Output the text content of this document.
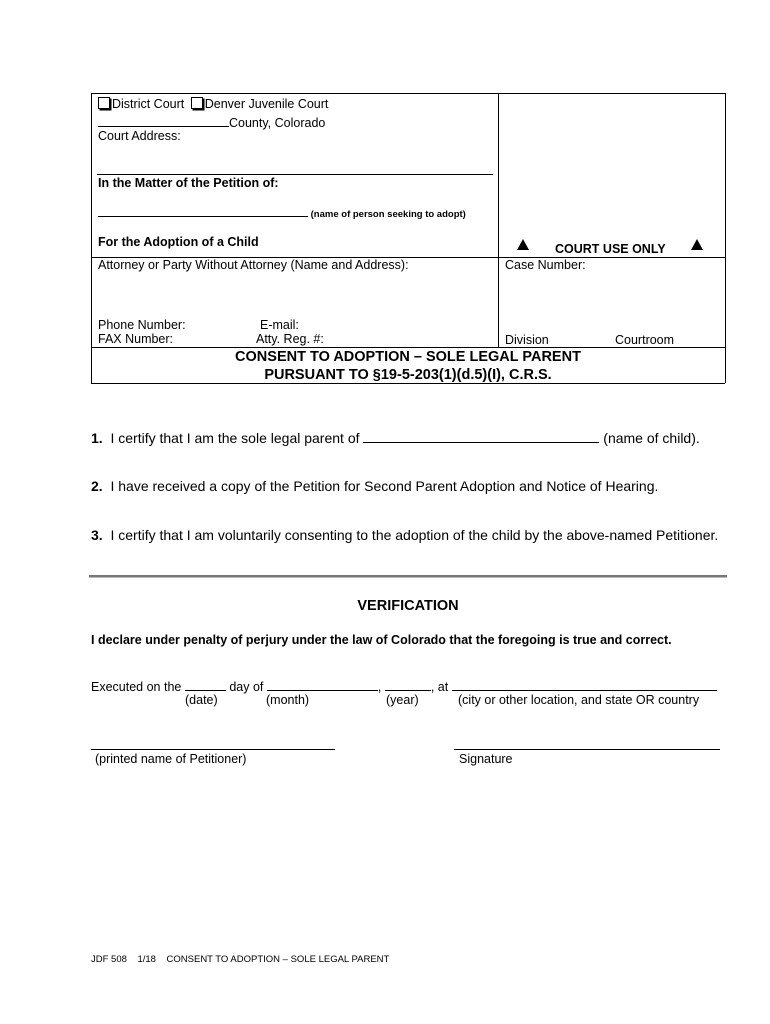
District Court Denver Juvenile Court
County, Colorado
Court Address:
In the Matter of the Petition of:
(name of person seeking to adopt)
For the Adoption of a Child	COURT USE ONLY
Attorney or Party Without Attorney (Name and Address):	Case Number:
Phone Number:	E-mail:
FAX Number:	Atty. Reg. #:	Division	Courtroom
CONSENT TO ADOPTION – SOLE LEGAL PARENT
PURSUANT TO §19-5-203(1)(d.5)(I), C.R.S.
1. I certify that I am the sole legal parent of	(name of child).
2. I have received a copy of the Petition for Second Parent Adoption and Notice of Hearing.
3. I certify that I am voluntarily consenting to the adoption of the child by the above-named Petitioner.
VERIFICATION
I declare under penalty of perjury under the law of Colorado that the foregoing is true and correct.
Executed on the	day of	,	, at
(date)	(month)	(year)	(city or other location, and state OR country
(printed name of Petitioner)	Signature
JDF 508 1/18 CONSENT TO ADOPTION – SOLE LEGAL PARENT
